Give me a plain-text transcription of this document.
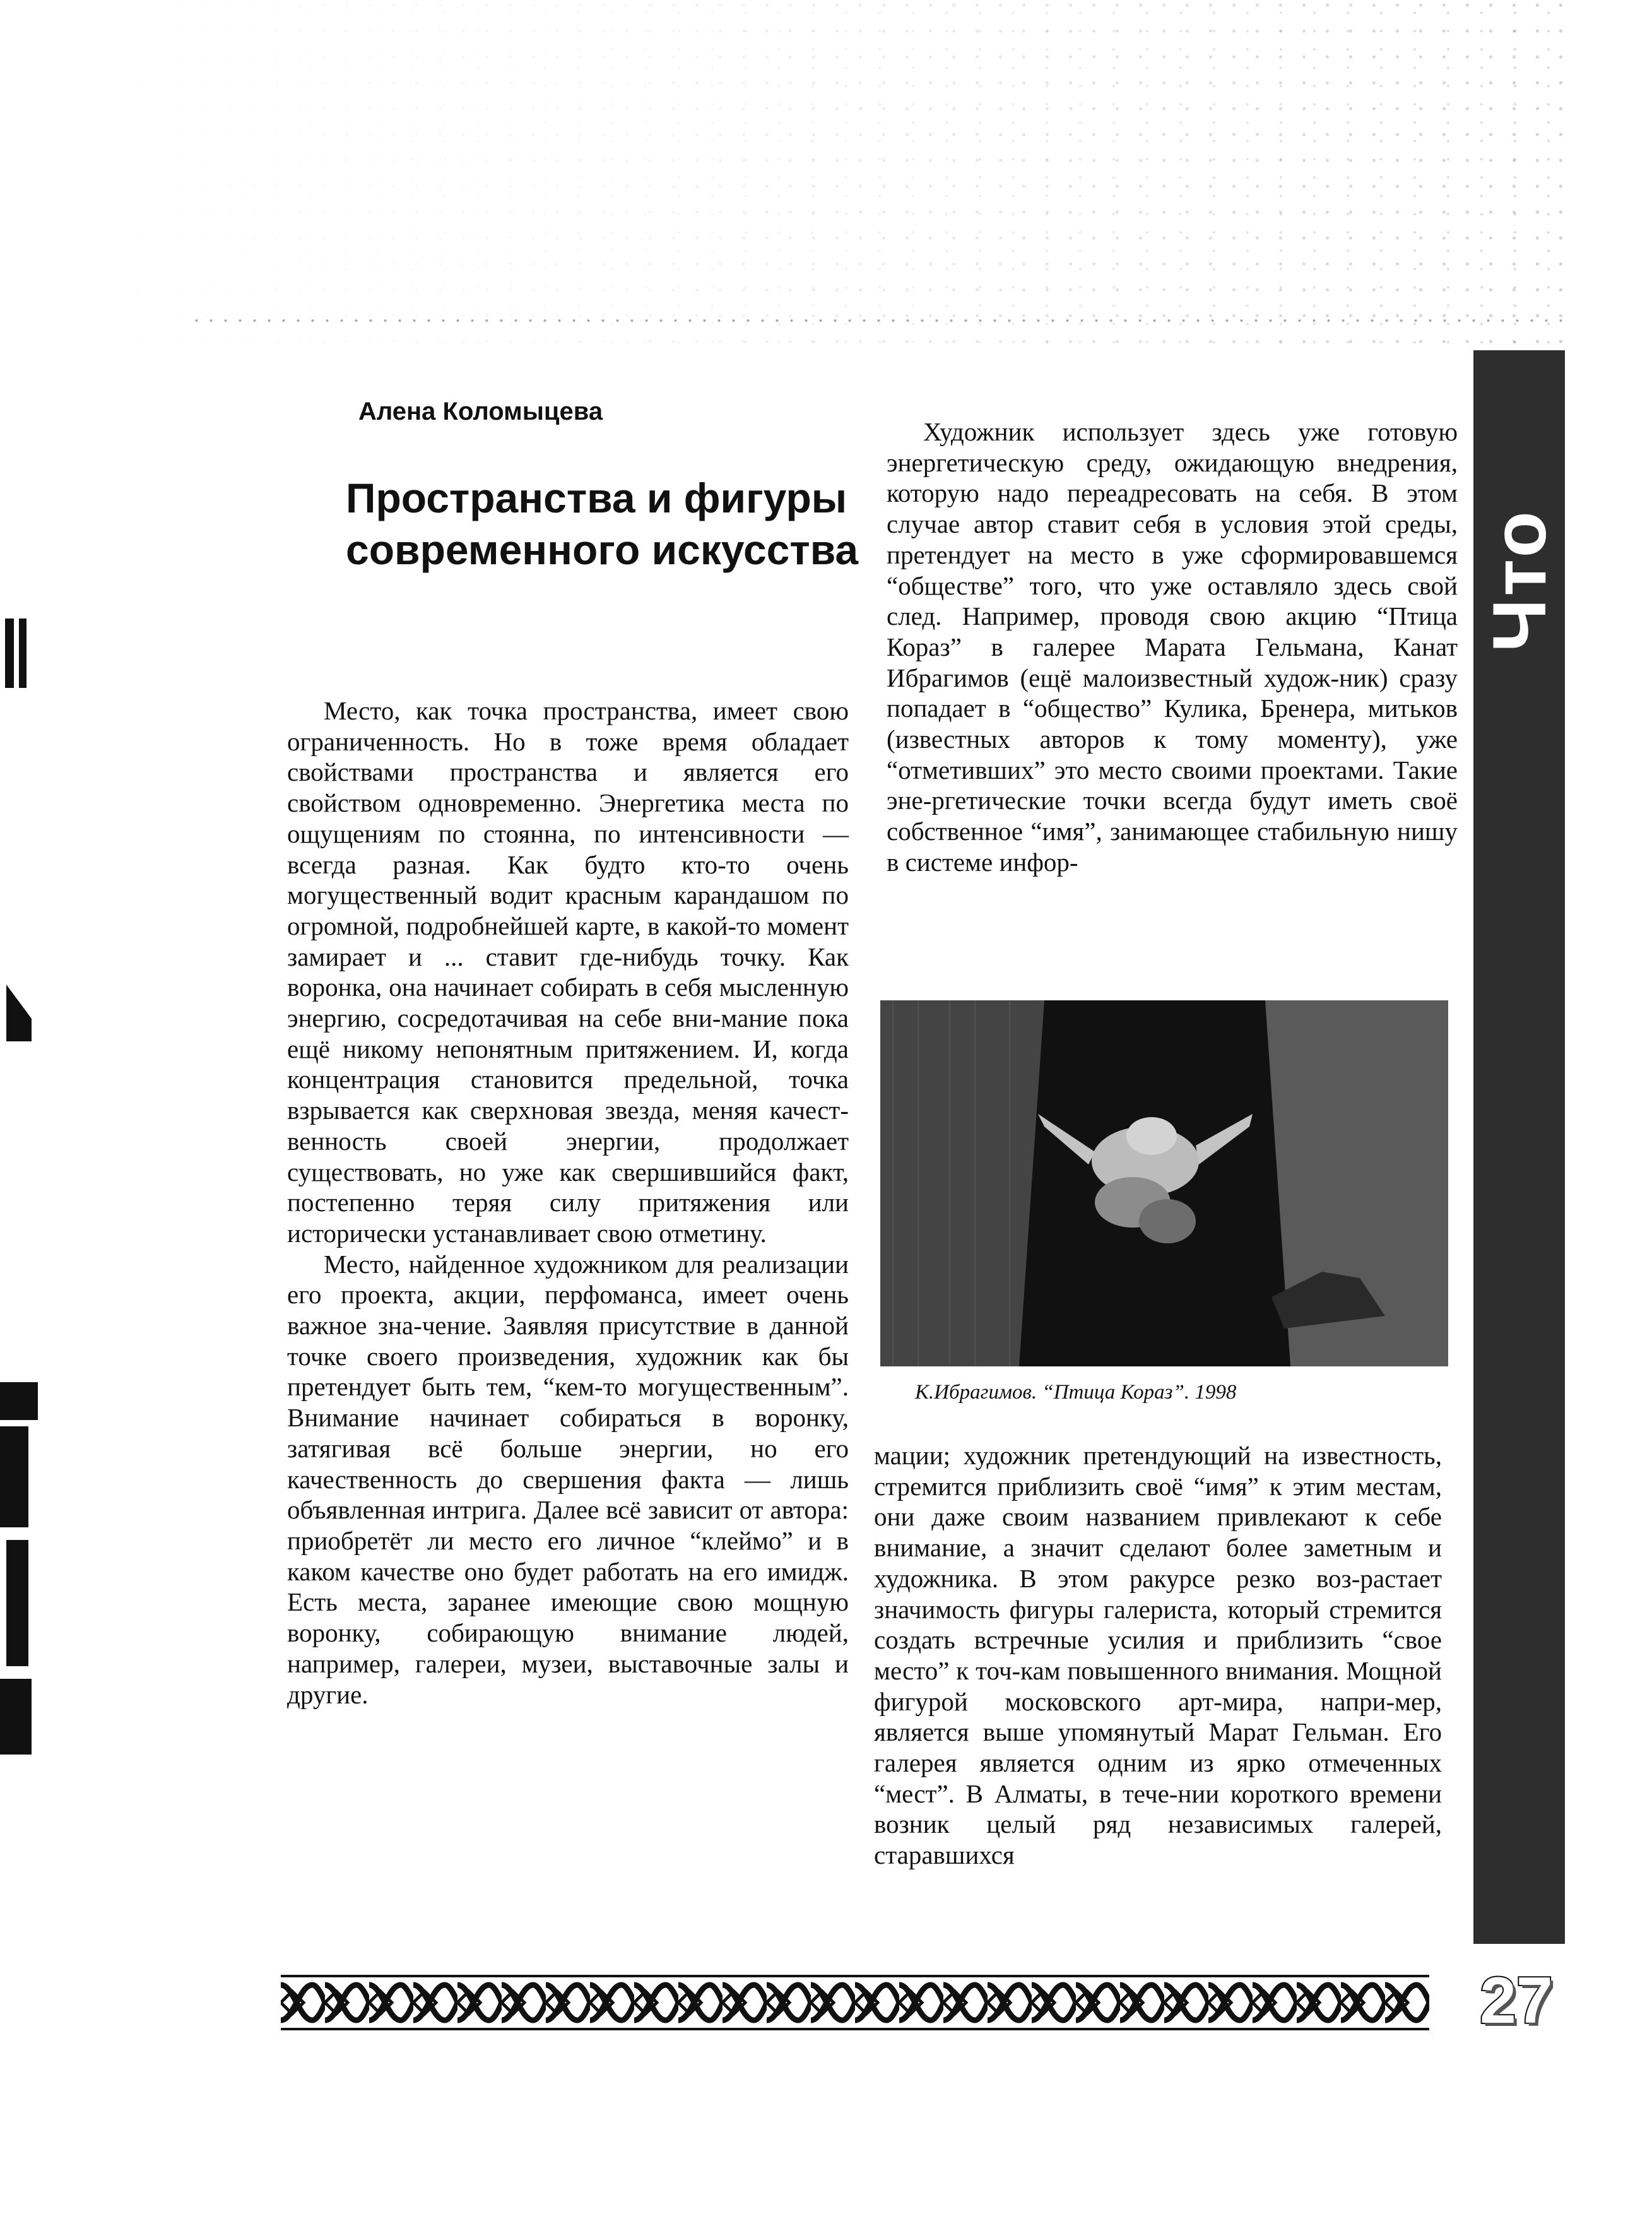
Что было
Алена Коломыцева
Пространства и фигуры современного искусства

Место, как точка пространства, имеет свою ограниченность. Но в тоже время обладает свойствами пространства и является его свойством одновременно. Энергетика места по ощущениям по стоянна, по интенсивности — всегда разная. Как будто кто-то очень могущественный водит красным карандашом по огромной, подробнейшей карте, в какой-то момент замирает и ... ставит где-нибудь точку. Как воронка, она начинает собирать в себя мысленную энергию, сосредотачивая на себе вни-мание пока ещё никому непонятным притяжением. И, когда концентрация становится предельной, точка взрывается как сверхновая звезда, меняя качест-венность своей энергии, продолжает существовать, но уже как свершившийся факт, постепенно теряя силу притяжения или исторически устанавливает свою отметину.

Место, найденное художником для реализации его проекта, акции, перфоманса, имеет очень важное зна-чение. Заявляя присутствие в данной точке своего произведения, художник как бы претендует быть тем, “кем-то могущественным”. Внимание начинает собираться в воронку, затягивая всё больше энергии, но его качественность до свершения факта — лишь объявленная интрига. Далее всё зависит от автора: приобретёт ли место его личное “клеймо” и в каком качестве оно будет работать на его имидж. Есть места, заранее имеющие свою мощную воронку, собирающую внимание людей, например, галереи, музеи, выставочные залы и другие.

Художник использует здесь уже готовую энергетическую среду, ожидающую внедрения, которую надо переадресовать на себя. В этом случае автор ставит себя в условия этой среды, претендует на место в уже сформировавшемся “обществе” того, что уже оставляло здесь свой след. Например, проводя свою акцию “Птица Кораз” в галерее Марата Гельмана, Канат Ибрагимов (ещё малоизвестный худож-ник) сразу попадает в “общество” Кулика, Бренера, митьков (известных авторов к тому моменту), уже “отметивших” это место своими проектами. Такие эне-ргетические точки всегда будут иметь своё собственное “имя”, занимающее стабильную нишу в системе инфор-

К.Ибрагимов. “Птица Кораз”. 1998

мации; художник претендующий на известность, стремится приблизить своё “имя” к этим местам, они даже своим названием привлекают к себе внимание, а значит сделают более заметным и художника. В этом ракурсе резко воз-растает значимость фигуры галериста, который стремится создать встречные усилия и приблизить “свое место” к точ-кам повышенного внимания. Мощной фигурой московского арт-мира, напри-мер, является выше упомянутый Марат Гельман. Его галерея является одним из ярко отмеченных “мест”. В Алматы, в тече-нии короткого времени возник целый ряд независимых галерей, старавшихся

27
